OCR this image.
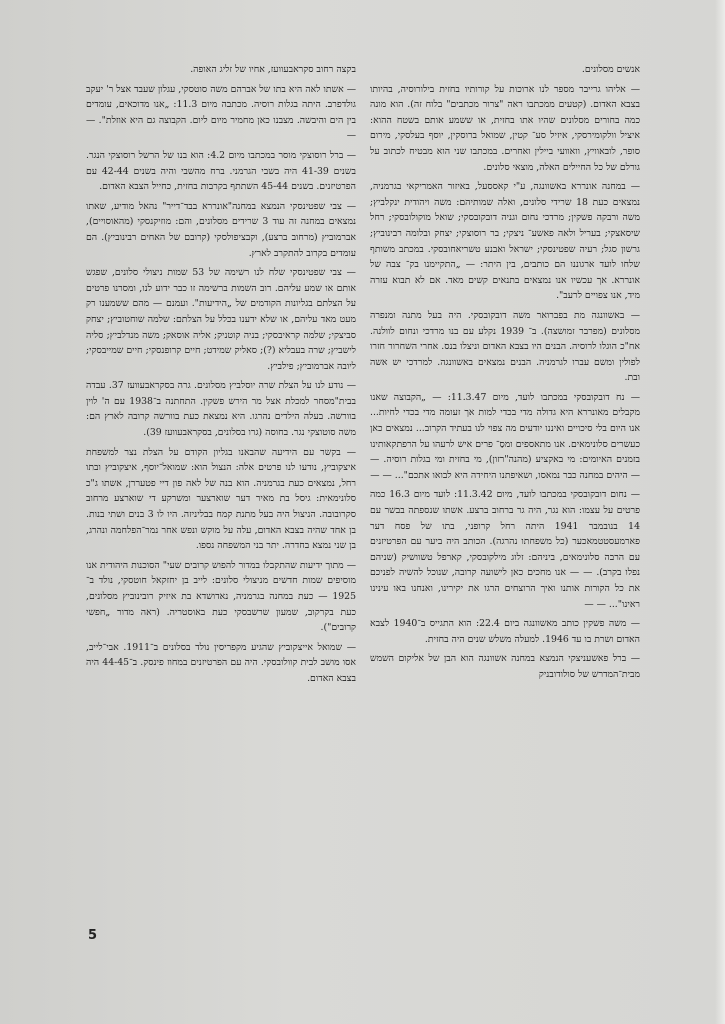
אנשים מסלונים.

— אליהו גרייבר מספר לנו ארוכות על קורותיו בחזית בילורוסיה, בהיותו בצבא האדום. (קטעים ממכתבו ראה "צרור מכתבים" בלוח זה). הוא מונה כמה בחורים מסלונים שהיו אתו בחזית, או ששמע אותם בשטח ההוא: איציל וולקומירסקי, איזיל סע־ קטין, שמואל ברוסקין, יוסף בעלסקי, מירום סופר, לובאוויץ, וואוועי ביילין ואחרים. במכתבו שני הוא מבטיח לכתוב על גורלם של כל החיילים האלה, מוצאי סלונים.

— במחנה אונררא באשוונגה, ע"י קאססעל, באיזור האמריקאי בגרמניה, נמצאים כעת 18 שרידי סלונים, ואלה שמותיהם: משה ויהודית ינקלביץ; משה ורבקה פשקין; מרדכי נחום ו‏גניה דובקובסקי; שואל מוקולובסקי; רחל שיסאצקי; בעריל ולאה פאשע־ ניצקי; בר רוסוצקי; יצחק ובלומה רבינוביץ; גרשון סגל; רעיה שפטינסקי; ישראל ואבנע טשריאחובסקי. במכתב משותף שלחו לועד ארגוננו הם כותבים, בין היתר: — „התקיימנו בק־ צבה של אונררא. אך עכשיו אנו נמצאים בתנאים קשים מאד. אם לא תבוא עזרה מיד, אנו צפויים לרעב".

— באשוונגה מת בפברואר משה דובקובסקי. היה בעל מתנה ומנפרה מסלונים (מפרבר זמושצה). ב־ 1939 נקלע עם בנו מרדכי ונחום לוולנה. אח"כ הוגלו לרוסיה. הבנים היו בצבא האדום וניצלו בנס. אחרי השחרור חזרו לפולין ומשם עברו לגרמניה. הבנים נמצאים באשוונגה. למרדכי יש אשה ובת.

— נח דובקובסקי במכתבו לועד, מיום 11.3.47: — „הקבוצה שאנו מקבלים מאונררא היא גדולה מדי בכדי למות אך זעומה מדי בכדי לחיות... אנו היום בלי סיכויים ואיננו יודעים מה צפוי לנו בעתיד הקרוב... נמצאים כאן כעשרים סלונימאים. אנו מתאספים ומסַ־ פרים איש לרעהו על הרפתקאותינו בזמנים האיומים: מי באקציע (מהנה"רזון), מי בחזית ומי בגלות רוסיה. — — היהים במחנה כבר נמאסו, ושאיפתנו היחידה היא לבואו אתכם"... — —

— נחום דובקובסקי במכתבו לועד, מיום 11.3.42: לועד מיום 16.3 כמה פרטים על עצמו: הוא נגר, היה גר ברחוב ברצע. אשתו שנספתה בבשר עם 14 בנובמבר 1941 היתה רחל קרופני, בתו של פסח דער פארמעסטטמאכער (כל משפחתו נהרגה). הכותב היה ביער עם הפרטיזנים עם הרבה סלונימאים, ביניהם: זלוג מילקובסקי, קארפל טשוושיק (שניהם נפלו בקרב). — — אנו מחכים כאן לישועה קרובה, שנוכל להשיה לפניכם את כל הקורות אותנו ואיך הרוצחים הרגו את יקירינו, ואנחנו באו עינינו ראינו"... — —

— משה פשקין כותב מאשוונגה ביום 22.4: הוא התגייס ב־1940 לצבא האדום ושרת בו עד 1946. למעלה משלש שנים היה בחזית.

— ברל פאשעניצקי הנמצא במחנה אשוונגה הוא הבן של אליקום השמש מבית־המדרש של סולודובניק

בקצה רחוב סקראבעוועז, אחיו של זליג האופה.

— אשתו לאה היא בתו של אברהם משה סוטסקי, עגלון שעבד אצל ר' יעקב גולדפרב. היתה בגלות רוסיה. מכתבה מיום 11.3: „אנו מדוכאים, עומדים בין הים והיבשה. מצבנו כאן מחמיר מיום ליום. הקבוצה גם היא אוזלת". — —

— ברל רוסוצקי מוסר במכתבו מיום 4.2: הוא בנו של הרשל רוסוצקי הנגר. בשנים 41-39 היה בשבי הגרמני. ברח מהשבי והיה בשנים 42-44 עם הפרטיזנים. בשנים 45-44 השתתף בקרבות בחזית, כחייל הצבא האדום.

— צבי שפטינסקי הנמצא במחנה"אונררא בבד־דייר" נהאל מודיע, שאתו נמצאים במחנה זה עוד 3 שרידים מסלונים, והם: מוזיקנסקי (מהאוסויים), אברמוביץ (מרחוב ברצע), וקבציפולסקי (קרובם של האחים רבינוביץ). הם עומדים בקרוב להתקרב לארץ.

— צבי שפטינסקי שלח לנו רשימה של 53 שמות ניצולי סלונים, שפגש אותם או שמע עליהם. רוב השמות ברשימה זו כבר ידוע לנו, ומסרנו פרטים על הצלתם בגליונות הקודמים של „הידיעות". ועמנם — מהם ששמענו רק מעט מאד עליהם, או שלא ידענו בכלל על הצלתם: שלמה שוחטוביץ; יצחק סביצקי; שלמה קראיבסקי; בניה קוטניק; אליה אוסאק; משה מנדלביץ; סליה לישביץ; שרה בעבליא (?); סאליק שמידט; חיים קרופנסקי; חיים שמייבסקי; ליובה אברמוביץ; פילביץ.

— נודע לנו על הצלת שרה יוסלביץ מסלונים. גרה בסקראבעוועז 37. עבדה בבית"מסחר למכלת אצל מר הירש פשקין. התחתנה ב־1938 עם ה' לוין בוורשה. בעלה הילדים נהרגו. היא נמצאת כעת בוורשה קרובה לארץ הם: משה סוטוצקי נגר. בחוסה (גרו בסלונים, בסקראבעוועז 39).

— בקשר עם הידיעה שהבאנו בגליון הקודם על הצלת נצר למשפחת איצקוביץ, נודעו לנו פרטים אלה: הנצול הוא: שמואל־יוסף, איצקוביץ ובתו רחל, נמצאים כעת בגרמניה. הוא בנה של לאה פון דיי פטעררן, אשתו ג"כ סלונימאית: גיסל בת מאיר דער שוארצער ומשרקע די שוארצע מרחוב סקרובובה. הניצול היה בעל מתנת קמח בבליניזה. היו לו 3 בנים ושתי בנות. בן אחד שהיה בצבא האדום, עלה על מוקש ונפש אחר נמר־הפלחמה ונהרג, בן שני נמצא בחדרה. יתר בני המשפחה נספו.

— מתוך ידיעות שהתקבלו במדור להפוש קרובים שעי" הסוכנות היהודית אנו מוסיפים שמות חדשים מניצולי סלונים: לייב בן יחזקאל חוטסקי, נולד ב־ 1925 — כעת במחנה בגרמניה, נאדושדא בת איזיק רובינוביץ מסלונים, כעת בקרקוב, שמעון שרשבסקי כעת באוסטריה. (ראה מדור „חפשי קרובים").

— שמואל אייצקוביץ שהגיע מקפריסין נולד בסלונים ב־1911. אבי־לייב, אסו מושב לבית קוולובסקי. היה עם הפרטיזנים במחוז פינסק. ב־44-45 היה בצבא האדום.

5
